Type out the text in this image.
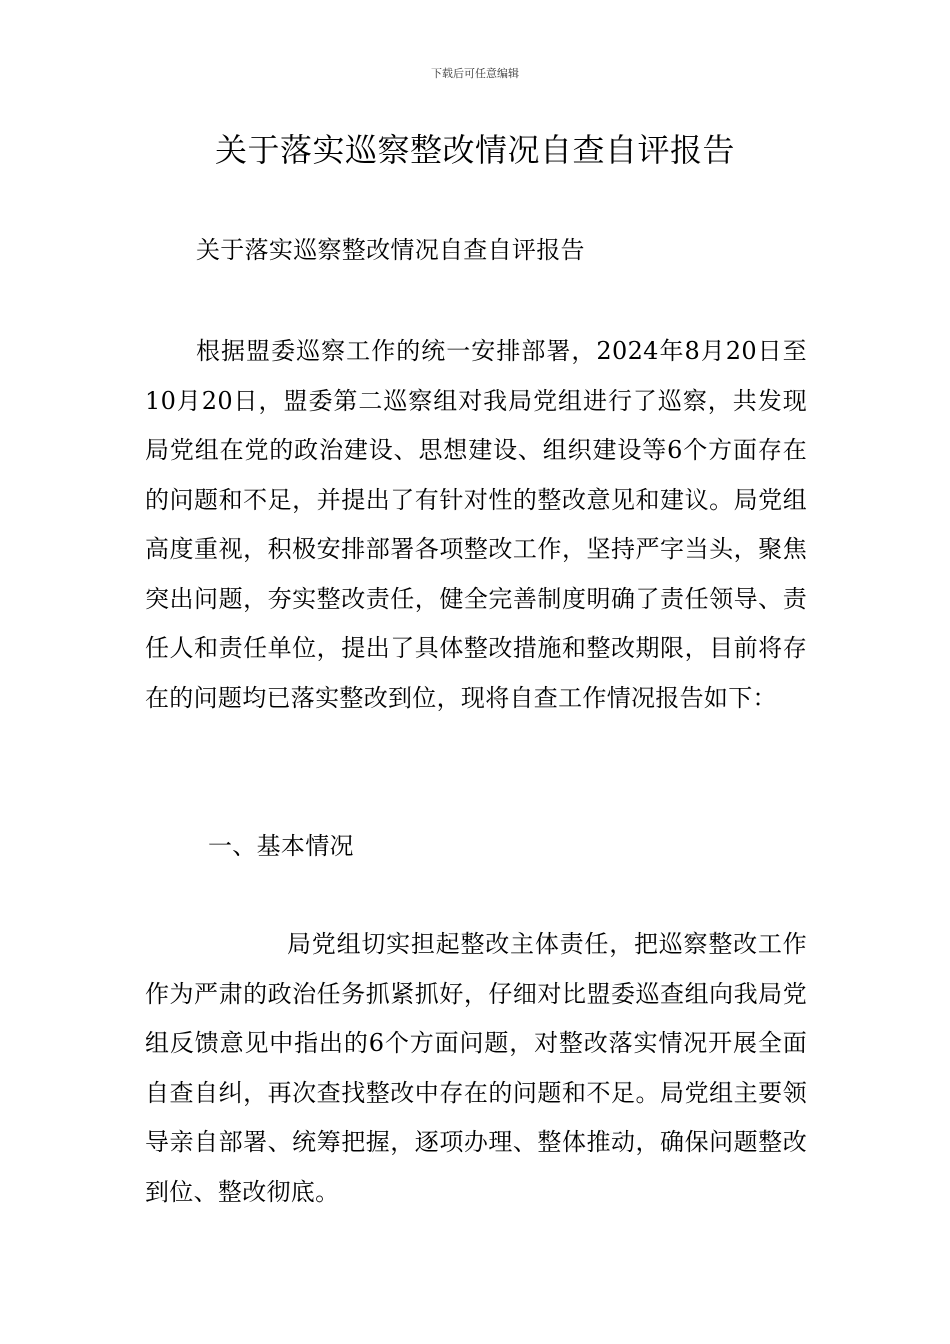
下载后可任意编辑
关于落实巡察整改情况自查自评报告

关于落实巡察整改情况自查自评报告

根据盟委巡察工作的统一安排部署，2024年8月20日至10月20日，盟委第二巡察组对我局党组进行了巡察，共发现局党组在党的政治建设、思想建设、组织建设等6个方面存在的问题和不足，并提出了有针对性的整改意见和建议。局党组高度重视，积极安排部署各项整改工作，坚持严字当头，聚焦突出问题，夯实整改责任，健全完善制度明确了责任领导、责任人和责任单位，提出了具体整改措施和整改期限，目前将存在的问题均已落实整改到位，现将自查工作情况报告如下：

一、基本情况

局党组切实担起整改主体责任，把巡察整改工作作为严肃的政治任务抓紧抓好，仔细对比盟委巡查组向我局党组反馈意见中指出的6个方面问题，对整改落实情况开展全面自查自纠，再次查找整改中存在的问题和不足。局党组主要领导亲自部署、统筹把握，逐项办理、整体推动，确保问题整改到位、整改彻底。
